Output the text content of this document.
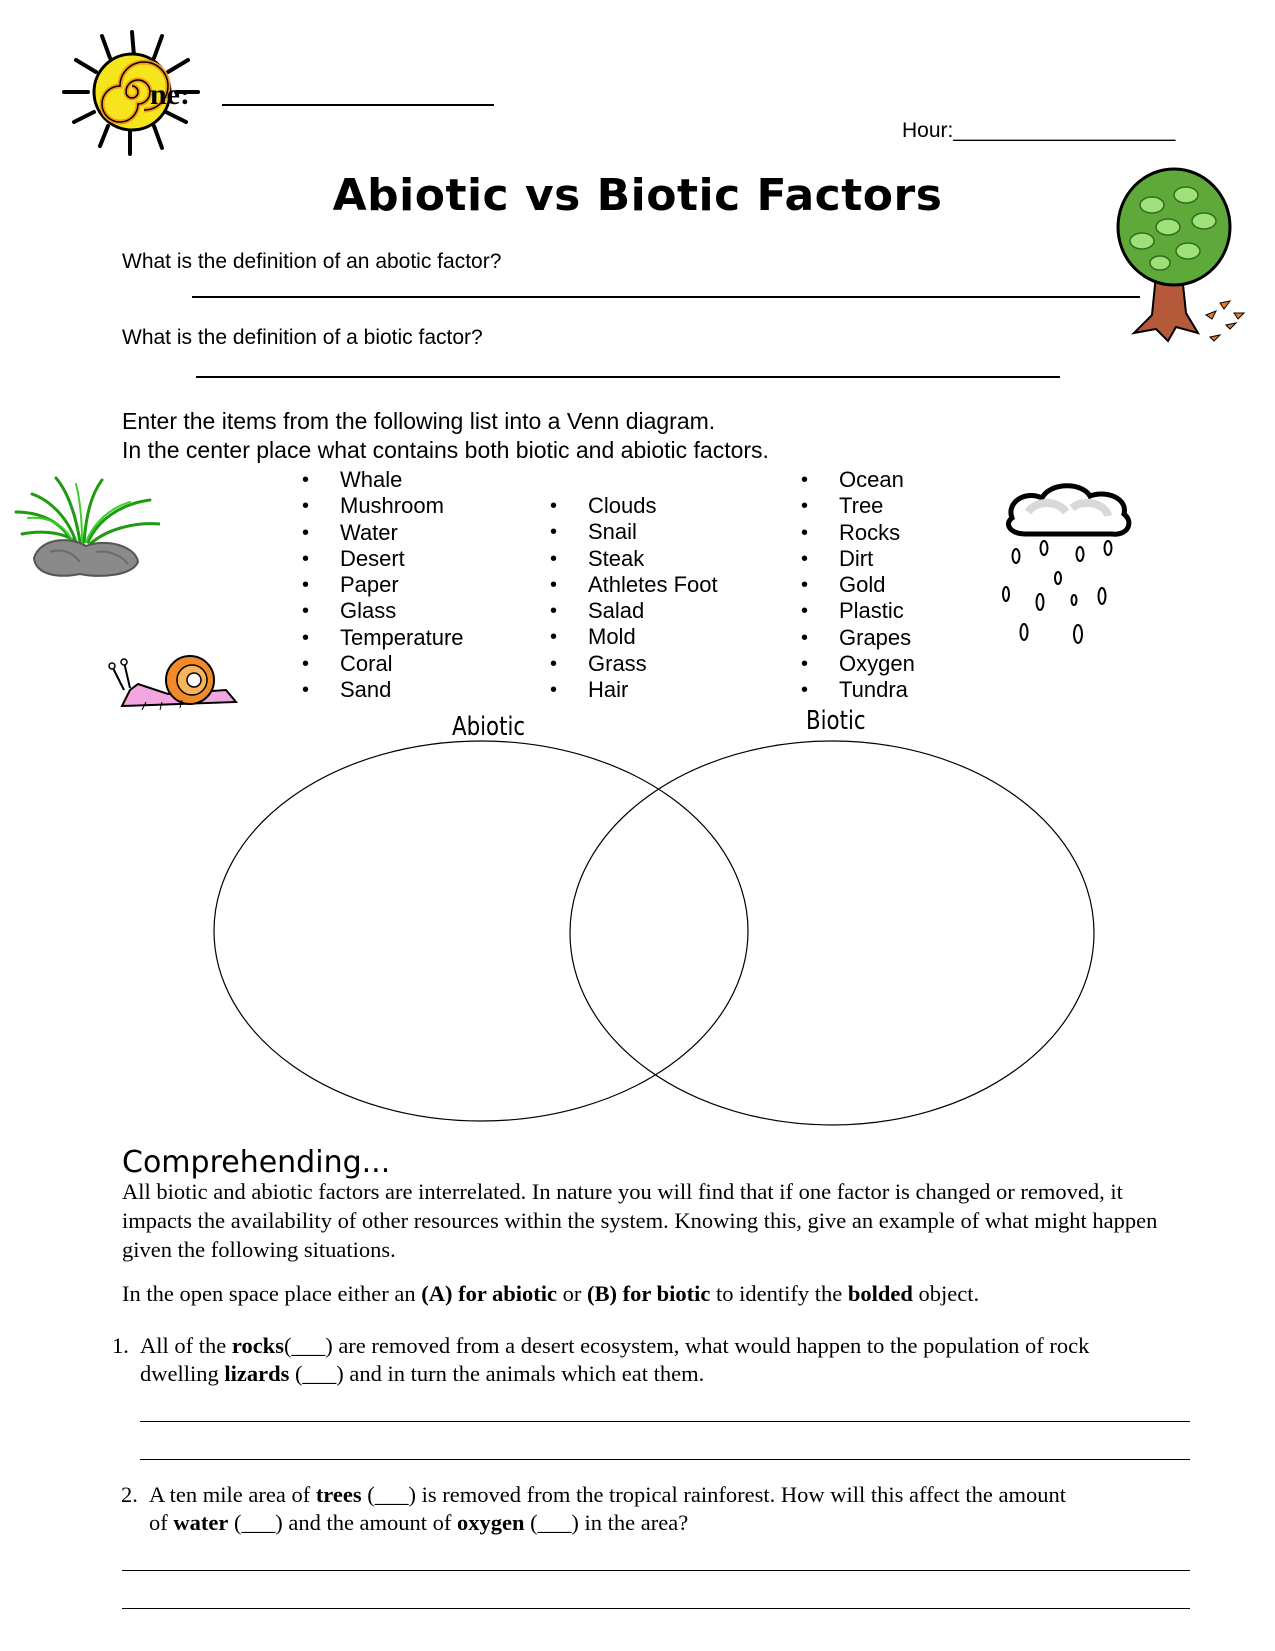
ne:
Hour:___________________
Abiotic vs Biotic Factors
What is the definition of an abotic factor?
What is the definition of a biotic factor?
Enter the items from the following list into a Venn diagram.
In the center place what contains both biotic and abiotic factors.
• Whale
• Mushroom
• Water
• Desert
• Paper
• Glass
• Temperature
• Coral
• Sand
• Clouds
• Snail
• Steak
• Athletes Foot
• Salad
• Mold
• Grass
• Hair
• Ocean
• Tree
• Rocks
• Dirt
• Gold
• Plastic
• Grapes
• Oxygen
• Tundra
Abiotic	Biotic
Comprehending...
All biotic and abiotic factors are interrelated. In nature you will find that if one factor is changed or removed, it impacts the availability of other resources within the system. Knowing this, give an example of what might happen given the following situations.
In the open space place either an (A) for abiotic or (B) for biotic to identify the bolded object.
1. All of the rocks(___) are removed from a desert ecosystem, what would happen to the population of rock
dwelling lizards (___) and in turn the animals which eat them.
2. A ten mile area of trees (___) is removed from the tropical rainforest. How will this affect the amount
of water (___) and the amount of oxygen (___) in the area?
